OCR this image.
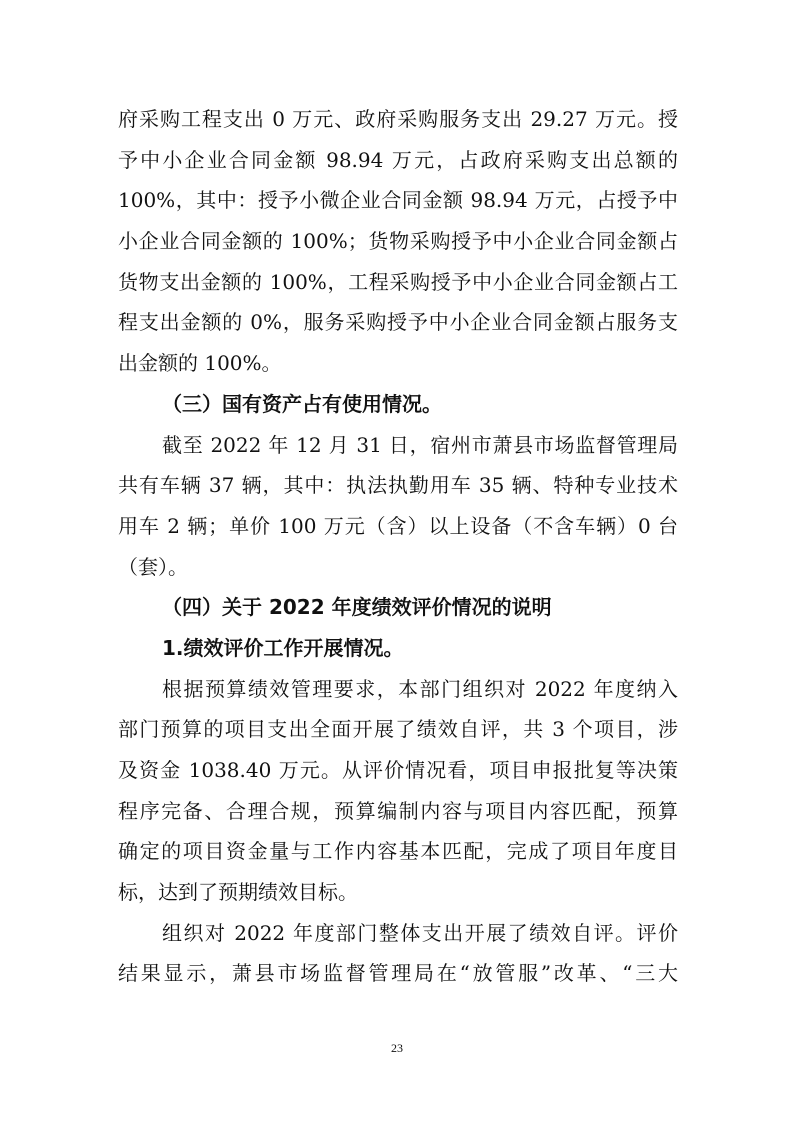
府采购工程支出 0 万元、政府采购服务支出 29.27 万元。授
予中小企业合同金额 98.94 万元，占政府采购支出总额的
100%，其中：授予小微企业合同金额 98.94 万元，占授予中
小企业合同金额的 100%；货物采购授予中小企业合同金额占
货物支出金额的 100%，工程采购授予中小企业合同金额占工
程支出金额的 0%，服务采购授予中小企业合同金额占服务支
出金额的 100%。
（三）国有资产占有使用情况。
截至 2022 年 12 月 31 日，宿州市萧县市场监督管理局
共有车辆 37 辆，其中：执法执勤用车 35 辆、特种专业技术
用车 2 辆；单价 100 万元（含）以上设备（不含车辆）0 台
（套）。
（四）关于 2022 年度绩效评价情况的说明
1.绩效评价工作开展情况。
根据预算绩效管理要求，本部门组织对 2022 年度纳入
部门预算的项目支出全面开展了绩效自评，共 3 个项目，涉
及资金 1038.40 万元。从评价情况看，项目申报批复等决策
程序完备、合理合规，预算编制内容与项目内容匹配，预算
确定的项目资金量与工作内容基本匹配，完成了项目年度目
标，达到了预期绩效目标。
组织对 2022 年度部门整体支出开展了绩效自评。评价
结果显示，萧县市场监督管理局在“放管服”改革、“三大
23
